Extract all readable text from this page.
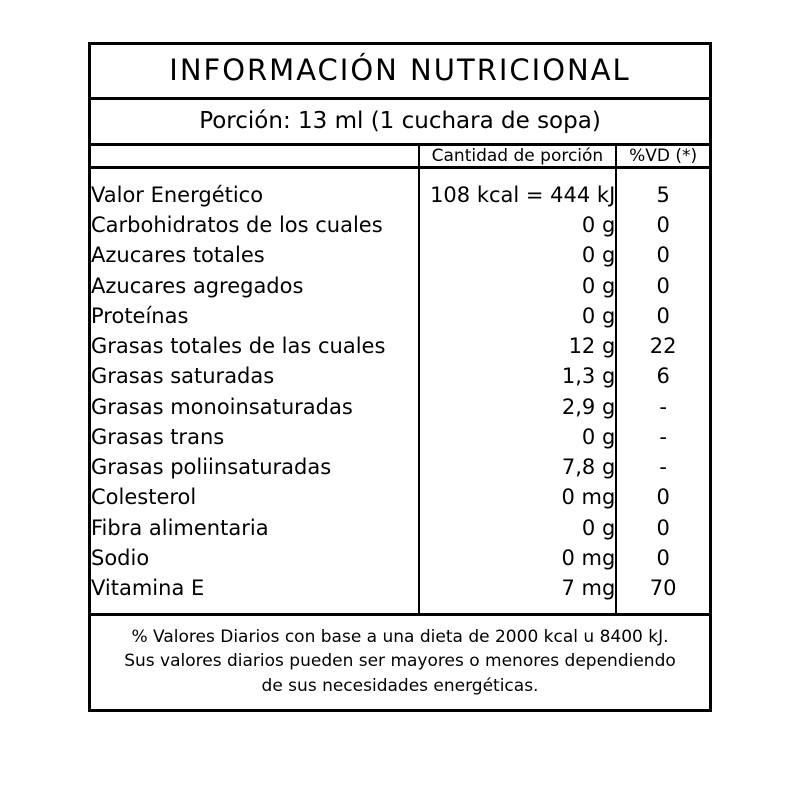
INFORMACIÓN NUTRICIONAL
Porción: 13 ml (1 cuchara de sopa)
	Cantidad de porción	%VD (*)

Valor Energético	108 kcal = 444 kJ	5
Carbohidratos de los cuales	0 g	0
Azucares totales	0 g	0
Azucares agregados	0 g	0
Proteínas	0 g	0
Grasas totales de las cuales	12 g	22
Grasas saturadas	1,3 g	6
Grasas monoinsaturadas	2,9 g	-
Grasas trans	0 g	-
Grasas poliinsaturadas	7,8 g	-
Colesterol	0 mg	0
Fibra alimentaria	0 g	0
Sodio	0 mg	0
Vitamina E	7 mg	70
% Valores Diarios con base a una dieta de 2000 kcal u 8400 kJ.
Sus valores diarios pueden ser mayores o menores dependiendo
de sus necesidades energéticas.
